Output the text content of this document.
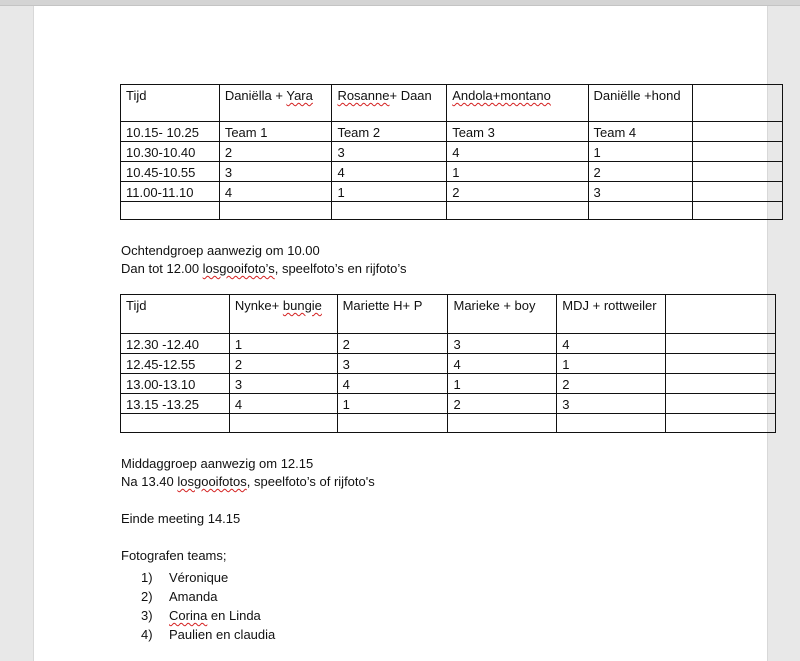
Tijd	Daniëlla + Yara	Rosanne+ Daan	Andola+montano	Daniëlle +hond	
10.15- 10.25	Team 1	Team 2	Team 3	Team 4	
10.30-10.40	2	3	4	1	
10.45-10.55	3	4	1	2	
11.00-11.10	4	1	2	3	

Ochtendgroep aanwezig om 10.00
Dan tot 12.00 losgooifoto’s, speelfoto’s en rijfoto’s
Tijd	Nynke+ bungie	Mariette H+ P	Marieke + boy	MDJ + rottweiler	
12.30 -12.40	1	2	3	4	
12.45-12.55	2	3	4	1	
13.00-13.10	3	4	1	2	
13.15 -13.25	4	1	2	3	

Middaggroep aanwezig om 12.15
Na 13.40 losgooifotos, speelfoto’s of rijfoto's
Einde meeting 14.15
Fotografen teams;
1) Véronique
2) Amanda
3) Corina en Linda
4) Paulien en claudia
